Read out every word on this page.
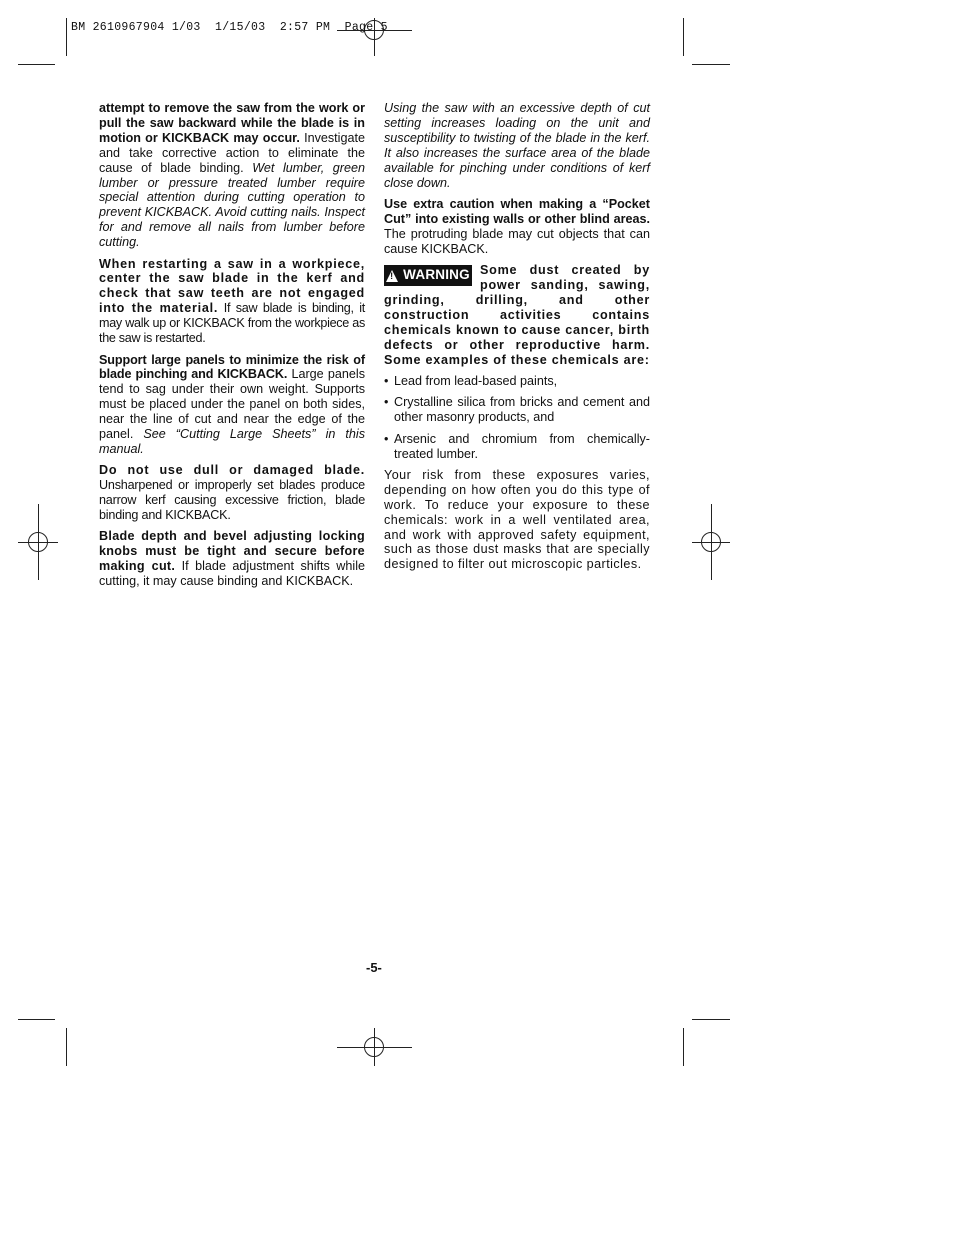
BM 2610967904 1/03  1/15/03  2:57 PM  Page 5

attempt to remove the saw from the work or pull the saw backward while the blade is in motion or KICKBACK may occur. Investigate and take corrective action to eliminate the cause of blade binding. Wet lumber, green lumber or pressure treated lumber require special attention during cutting operation to prevent KICKBACK. Avoid cutting nails. Inspect for and remove all nails from lumber before cutting.

When restarting a saw in a workpiece, center the saw blade in the kerf and check that saw teeth are not engaged into the material. If saw blade is binding, it may walk up or KICKBACK from the workpiece as the saw is restarted.

Support large panels to minimize the risk of blade pinching and KICKBACK. Large panels tend to sag under their own weight. Supports must be placed under the panel on both sides, near the line of cut and near the edge of the panel. See “Cutting Large Sheets” in this manual.

Do not use dull or damaged blade. Unsharpened or improperly set blades produce narrow kerf causing excessive friction, blade binding and KICKBACK.

Blade depth and bevel adjusting locking knobs must be tight and secure before making cut. If blade adjustment shifts while cutting, it may cause binding and KICKBACK.

Using the saw with an excessive depth of cut setting increases loading on the unit and susceptibility to twisting of the blade in the kerf. It also increases the surface area of the blade available for pinching under conditions of kerf close down.

Use extra caution when making a “Pocket Cut” into existing walls or other blind areas. The protruding blade may cut objects that can cause KICKBACK.

! WARNING Some dust created by power sanding, sawing, grinding, drilling, and other construction activities contains chemicals known to cause cancer, birth defects or other reproductive harm. Some examples of these chemicals are:

• Lead from lead-based paints,
• Crystalline silica from bricks and cement and other masonry products, and
• Arsenic and chromium from chemically-treated lumber.

Your risk from these exposures varies, depending on how often you do this type of work. To reduce your exposure to these chemicals: work in a well ventilated area, and work with approved safety equipment, such as those dust masks that are specially designed to filter out microscopic particles.

-5-
